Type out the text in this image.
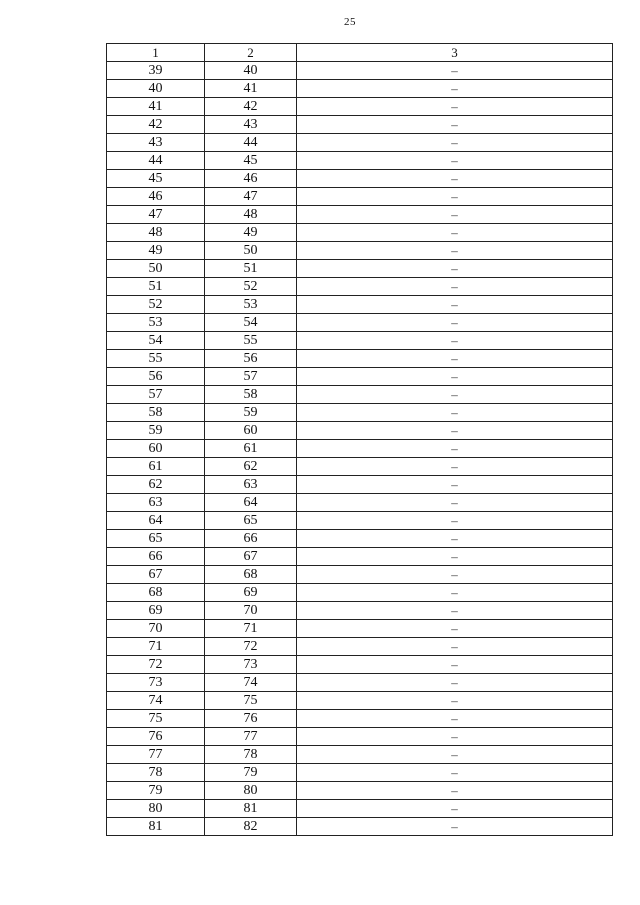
25
1	2	3
39	40	–
40	41	–
41	42	–
42	43	–
43	44	–
44	45	–
45	46	–
46	47	–
47	48	–
48	49	–
49	50	–
50	51	–
51	52	–
52	53	–
53	54	–
54	55	–
55	56	–
56	57	–
57	58	–
58	59	–
59	60	–
60	61	–
61	62	–
62	63	–
63	64	–
64	65	–
65	66	–
66	67	–
67	68	–
68	69	–
69	70	–
70	71	–
71	72	–
72	73	–
73	74	–
74	75	–
75	76	–
76	77	–
77	78	–
78	79	–
79	80	–
80	81	–
81	82	–
